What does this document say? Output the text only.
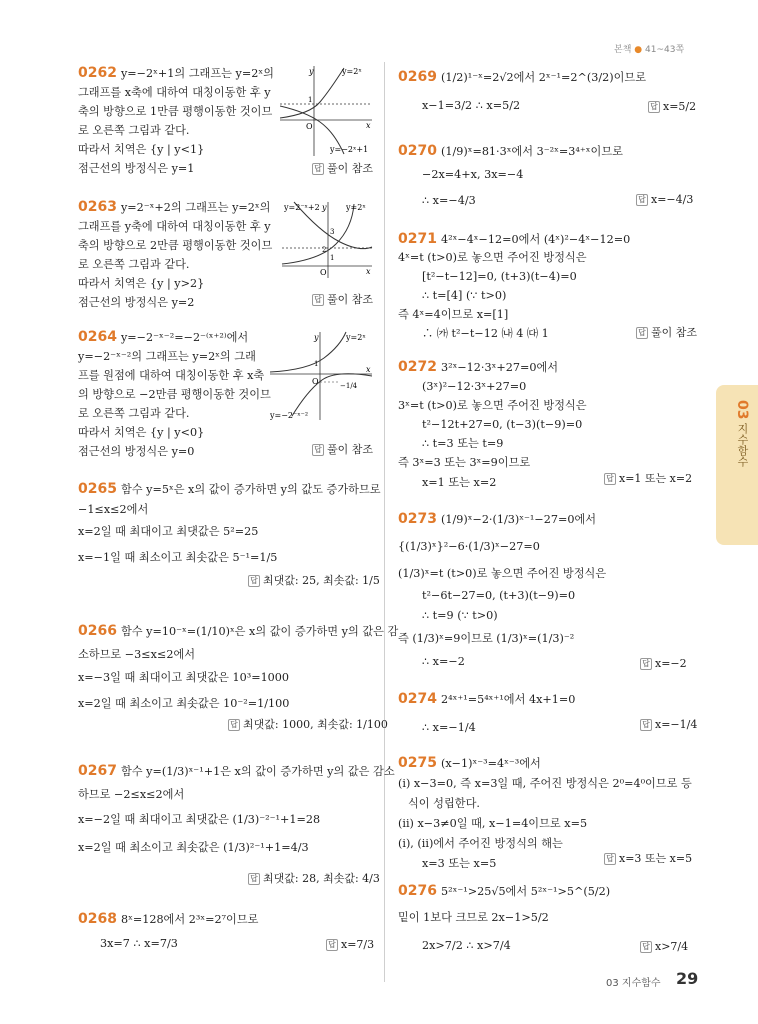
본책 ● 41~43쪽
03 지수함수
0262 y=−2ˣ+1의 그래프는 y=2ˣ의
그래프를 x축에 대하여 대칭이동한 후 y
축의 방향으로 1만큼 평행이동한 것이므
로 오른쪽 그림과 같다.
따라서 치역은 {y | y<1}
점근선의 방정식은 y=1	답 풀이 참조
y=2ˣ
y=−2ˣ+1
y
x
O
1
0263 y=2⁻ˣ+2의 그래프는 y=2ˣ의
그래프를 y축에 대하여 대칭이동한 후 y
축의 방향으로 2만큼 평행이동한 것이므
로 오른쪽 그림과 같다.
따라서 치역은 {y | y>2}
점근선의 방정식은 y=2	답 풀이 참조
y=2⁻ˣ+2	y=2ˣ
y
x
O
1
2
3
0264 y=−2⁻ˣ⁻²=−2⁻⁽ˣ⁺²⁾에서
y=−2⁻ˣ⁻²의 그래프는 y=2ˣ의 그래
프를 원점에 대하여 대칭이동한 후 x축
의 방향으로 −2만큼 평행이동한 것이므
로 오른쪽 그림과 같다.
따라서 치역은 {y | y<0}
점근선의 방정식은 y=0	답 풀이 참조
y=2ˣ
y=−2⁻ˣ⁻²
y
x
O
1
−1/4
0265 함수 y=5ˣ은 x의 값이 증가하면 y의 값도 증가하므로
−1≤x≤2에서
x=2일 때 최대이고 최댓값은 5²=25
x=−1일 때 최소이고 최솟값은 5⁻¹=1/5
답 최댓값: 25, 최솟값: 1/5
0266 함수 y=10⁻ˣ=(1/10)ˣ은 x의 값이 증가하면 y의 값은 감
소하므로 −3≤x≤2에서
x=−3일 때 최대이고 최댓값은 10³=1000
x=2일 때 최소이고 최솟값은 10⁻²=1/100
답 최댓값: 1000, 최솟값: 1/100
0267 함수 y=(1/3)ˣ⁻¹+1은 x의 값이 증가하면 y의 값은 감소
하므로 −2≤x≤2에서
x=−2일 때 최대이고 최댓값은 (1/3)⁻²⁻¹+1=28
x=2일 때 최소이고 최솟값은 (1/3)²⁻¹+1=4/3
답 최댓값: 28, 최솟값: 4/3
0268 8ˣ=128에서 2³ˣ=2⁷이므로
3x=7 ∴ x=7/3	답 x=7/3
0269 (1/2)¹⁻ˣ=2√2에서 2ˣ⁻¹=2^(3/2)이므로
x−1=3/2 ∴ x=5/2	답 x=5/2
0270 (1/9)ˣ=81·3ˣ에서 3⁻²ˣ=3⁴⁺ˣ이므로
−2x=4+x, 3x=−4
∴ x=−4/3	답 x=−4/3
0271 4²ˣ−4ˣ−12=0에서 (4ˣ)²−4ˣ−12=0
4ˣ=t (t>0)로 놓으면 주어진 방정식은
[t²−t−12]=0, (t+3)(t−4)=0
∴ t=[4] (∵ t>0)
즉 4ˣ=4이므로 x=[1]
∴ ㈎ t²−t−12 ㈏ 4 ㈐ 1	답 풀이 참조
0272 3²ˣ−12·3ˣ+27=0에서
(3ˣ)²−12·3ˣ+27=0
3ˣ=t (t>0)로 놓으면 주어진 방정식은
t²−12t+27=0, (t−3)(t−9)=0
∴ t=3 또는 t=9
즉 3ˣ=3 또는 3ˣ=9이므로
x=1 또는 x=2	답 x=1 또는 x=2
0273 (1/9)ˣ−2·(1/3)ˣ⁻¹−27=0에서
{(1/3)ˣ}²−6·(1/3)ˣ−27=0
(1/3)ˣ=t (t>0)로 놓으면 주어진 방정식은
t²−6t−27=0, (t+3)(t−9)=0
∴ t=9 (∵ t>0)
즉 (1/3)ˣ=9이므로 (1/3)ˣ=(1/3)⁻²
∴ x=−2	답 x=−2
0274 2⁴ˣ⁺¹=5⁴ˣ⁺¹에서 4x+1=0
∴ x=−1/4	답 x=−1/4
0275 (x−1)ˣ⁻³=4ˣ⁻³에서
(i) x−3=0, 즉 x=3일 때, 주어진 방정식은 2⁰=4⁰이므로 등
식이 성립한다.
(ii) x−3≠0일 때, x−1=4이므로 x=5
(i), (ii)에서 주어진 방정식의 해는
x=3 또는 x=5	답 x=3 또는 x=5
0276 5²ˣ⁻¹>25√5에서 5²ˣ⁻¹>5^(5/2)
밑이 1보다 크므로 2x−1>5/2
2x>7/2 ∴ x>7/4	답 x>7/4
03 지수함수 29
